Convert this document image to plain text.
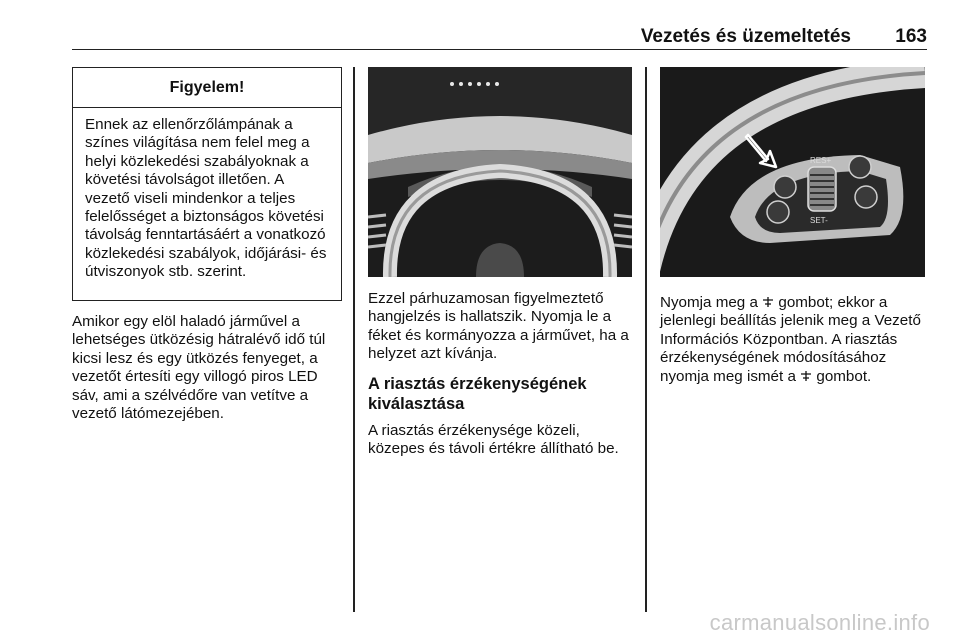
Vezetés és üzemeltetés 163
Figyelem!
Ennek az ellenőrzőlámpának a színes világítása nem felel meg a helyi közlekedési szabályoknak a követési távolságot illetően. A vezető viseli mindenkor a teljes felelősséget a biztonságos követési távolság fenntartásáért a vonatkozó közlekedési szabályok, időjárási- és útviszonyok stb. szerint.

Amikor egy elöl haladó járművel a lehetséges ütközésig hátralévő idő túl kicsi lesz és egy ütközés fenyeget, a vezetőt értesíti egy villogó piros LED sáv, ami a szélvédőre van vetítve a vezető látómezejében.

Ezzel párhuzamosan figyelmeztető hangjelzés is hallatszik. Nyomja le a féket és kormányozza a járművet, ha a helyzet azt kívánja.

A riasztás érzékenységének kiválasztása

A riasztás érzékenysége közeli, közepes és távoli értékre állítható be.

RES+
SET-

Nyomja meg a gombot; ekkor a jelenlegi beállítás jelenik meg a Vezető Információs Központban. A riasztás érzékenységének módosításához nyomja meg ismét a gombot.

carmanualsonline.info
